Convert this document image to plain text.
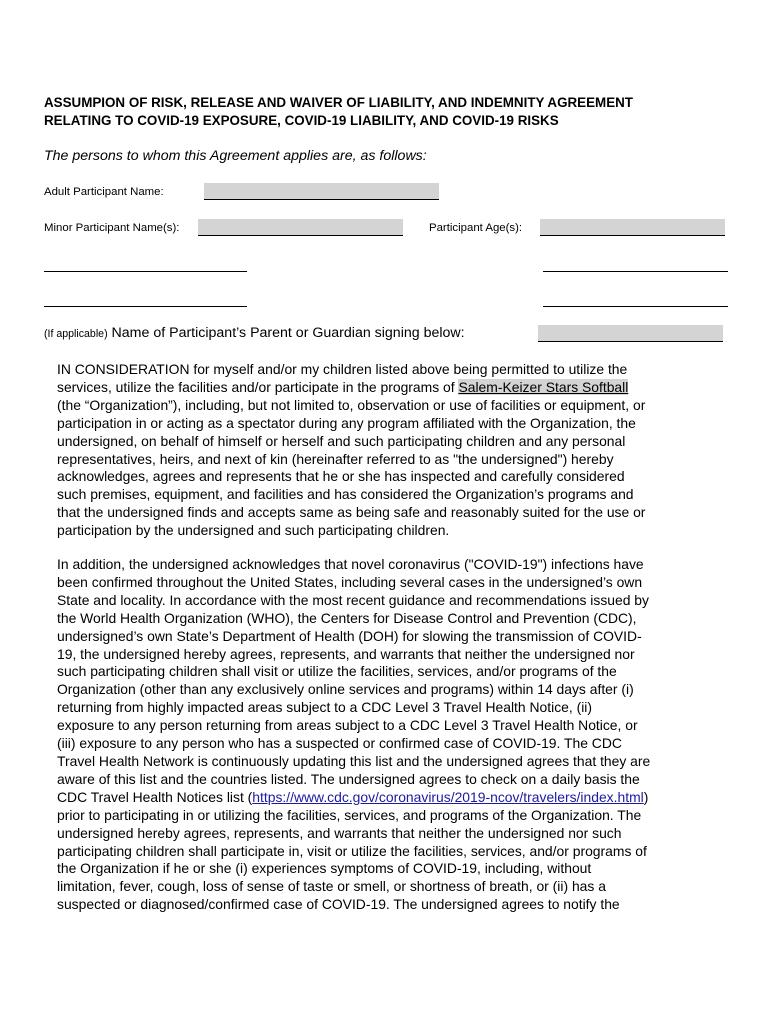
ASSUMPION OF RISK, RELEASE AND WAIVER OF LIABILITY, AND INDEMNITY AGREEMENT
RELATING TO COVID-19 EXPOSURE, COVID-19 LIABILITY, AND COVID-19 RISKS
The persons to whom this Agreement applies are, as follows:
Adult Participant Name:
Minor Participant Name(s):	Participant Age(s):
(If applicable) Name of Participant’s Parent or Guardian signing below:
IN CONSIDERATION for myself and/or my children listed above being permitted to utilize the
services, utilize the facilities and/or participate in the programs of Salem-Keizer Stars Softball
(the “Organization”), including, but not limited to, observation or use of facilities or equipment, or
participation in or acting as a spectator during any program affiliated with the Organization, the
undersigned, on behalf of himself or herself and such participating children and any personal
representatives, heirs, and next of kin (hereinafter referred to as "the undersigned") hereby
acknowledges, agrees and represents that he or she has inspected and carefully considered
such premises, equipment, and facilities and has considered the Organization’s programs and
that the undersigned finds and accepts same as being safe and reasonably suited for the use or
participation by the undersigned and such participating children.
In addition, the undersigned acknowledges that novel coronavirus ("COVID-19") infections have
been confirmed throughout the United States, including several cases in the undersigned’s own
State and locality. In accordance with the most recent guidance and recommendations issued by
the World Health Organization (WHO), the Centers for Disease Control and Prevention (CDC),
undersigned’s own State’s Department of Health (DOH) for slowing the transmission of COVID-
19, the undersigned hereby agrees, represents, and warrants that neither the undersigned nor
such participating children shall visit or utilize the facilities, services, and/or programs of the
Organization (other than any exclusively online services and programs) within 14 days after (i)
returning from highly impacted areas subject to a CDC Level 3 Travel Health Notice, (ii)
exposure to any person returning from areas subject to a CDC Level 3 Travel Health Notice, or
(iii) exposure to any person who has a suspected or confirmed case of COVID-19. The CDC
Travel Health Network is continuously updating this list and the undersigned agrees that they are
aware of this list and the countries listed. The undersigned agrees to check on a daily basis the
CDC Travel Health Notices list (https://www.cdc.gov/coronavirus/2019-ncov/travelers/index.html)
prior to participating in or utilizing the facilities, services, and programs of the Organization. The
undersigned hereby agrees, represents, and warrants that neither the undersigned nor such
participating children shall participate in, visit or utilize the facilities, services, and/or programs of
the Organization if he or she (i) experiences symptoms of COVID-19, including, without
limitation, fever, cough, loss of sense of taste or smell, or shortness of breath, or (ii) has a
suspected or diagnosed/confirmed case of COVID-19. The undersigned agrees to notify the
